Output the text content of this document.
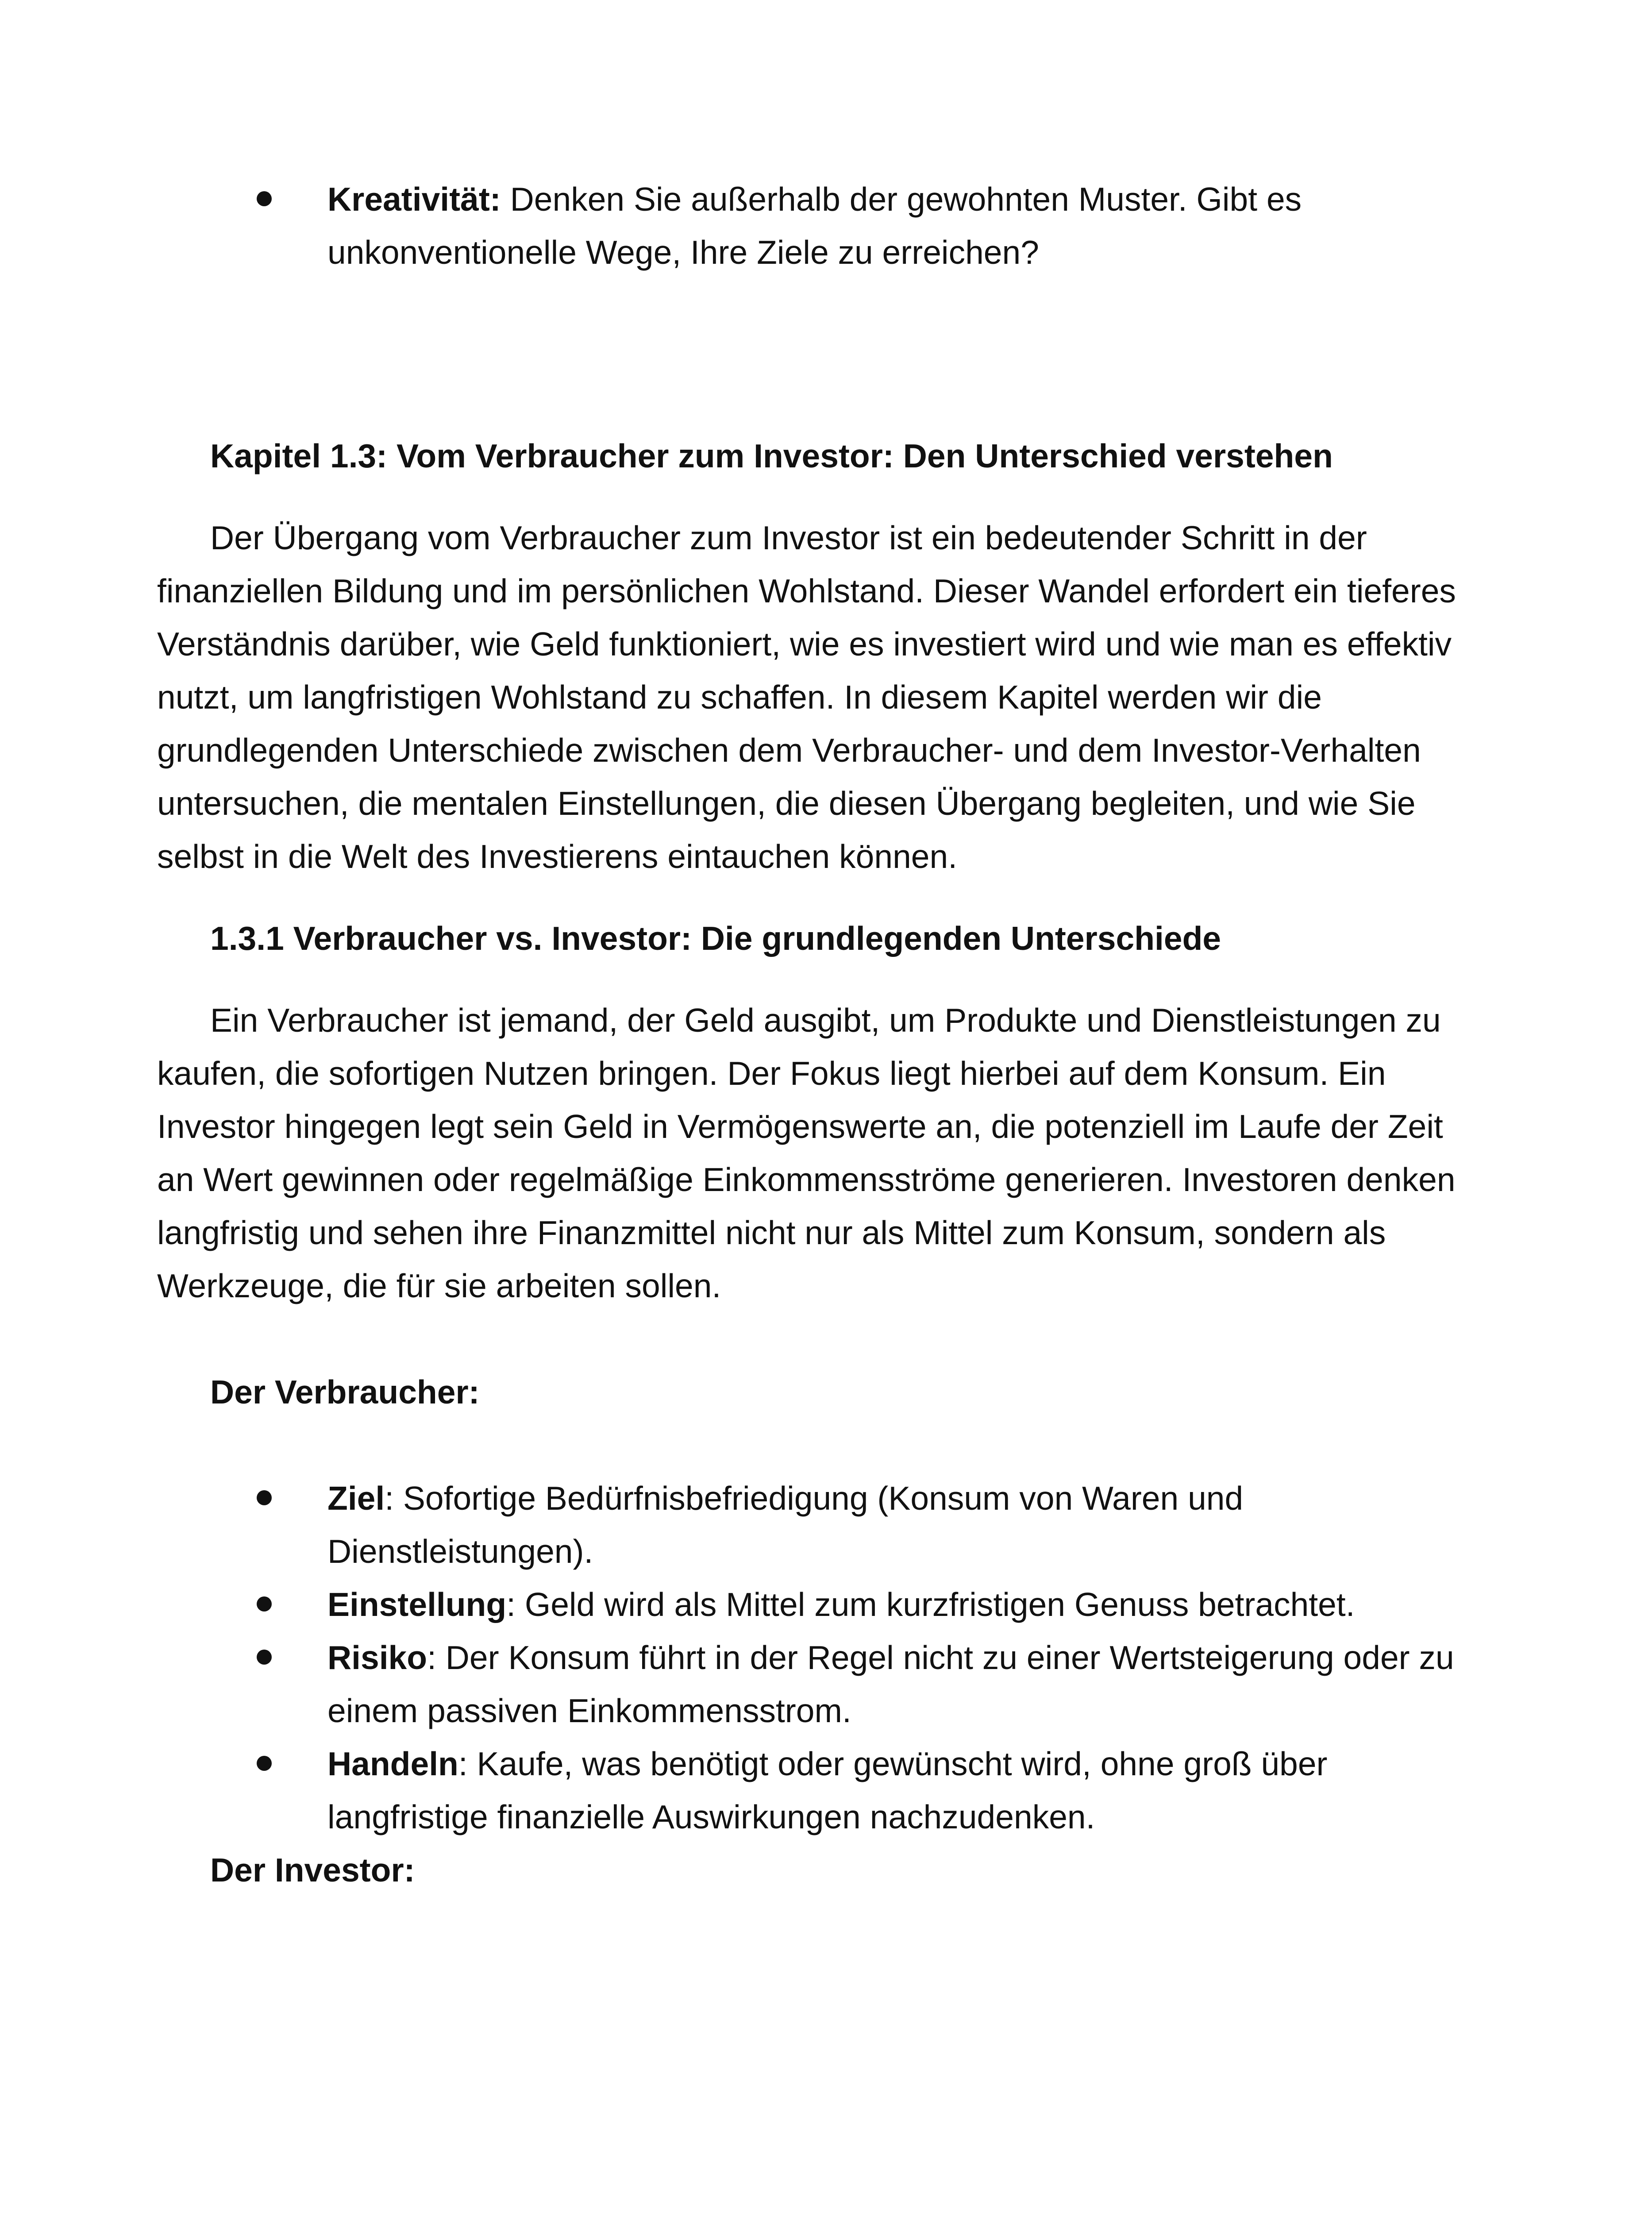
Kreativität: Denken Sie außerhalb der gewohnten Muster. Gibt es unkonventionelle Wege, Ihre Ziele zu erreichen?
Kapitel 1.3: Vom Verbraucher zum Investor: Den Unterschied verstehen

Der Übergang vom Verbraucher zum Investor ist ein bedeutender Schritt in der finanziellen Bildung und im persönlichen Wohlstand. Dieser Wandel erfordert ein tieferes Verständnis darüber, wie Geld funktioniert, wie es investiert wird und wie man es effektiv nutzt, um langfristigen Wohlstand zu schaffen. In diesem Kapitel werden wir die grundlegenden Unterschiede zwischen dem Verbraucher- und dem Investor-Verhalten untersuchen, die mentalen Einstellungen, die diesen Übergang begleiten, und wie Sie selbst in die Welt des Investierens eintauchen können.

1.3.1 Verbraucher vs. Investor: Die grundlegenden Unterschiede

Ein Verbraucher ist jemand, der Geld ausgibt, um Produkte und Dienstleistungen zu kaufen, die sofortigen Nutzen bringen. Der Fokus liegt hierbei auf dem Konsum. Ein Investor hingegen legt sein Geld in Vermögenswerte an, die potenziell im Laufe der Zeit an Wert gewinnen oder regelmäßige Einkommensströme generieren. Investoren denken langfristig und sehen ihre Finanzmittel nicht nur als Mittel zum Konsum, sondern als Werkzeuge, die für sie arbeiten sollen.

Der Verbraucher:
Ziel: Sofortige Bedürfnisbefriedigung (Konsum von Waren und Dienstleistungen).
Einstellung: Geld wird als Mittel zum kurzfristigen Genuss betrachtet.
Risiko: Der Konsum führt in der Regel nicht zu einer Wertsteigerung oder zu einem passiven Einkommensstrom.
Handeln: Kaufe, was benötigt oder gewünscht wird, ohne groß über langfristige finanzielle Auswirkungen nachzudenken.
Der Investor:
